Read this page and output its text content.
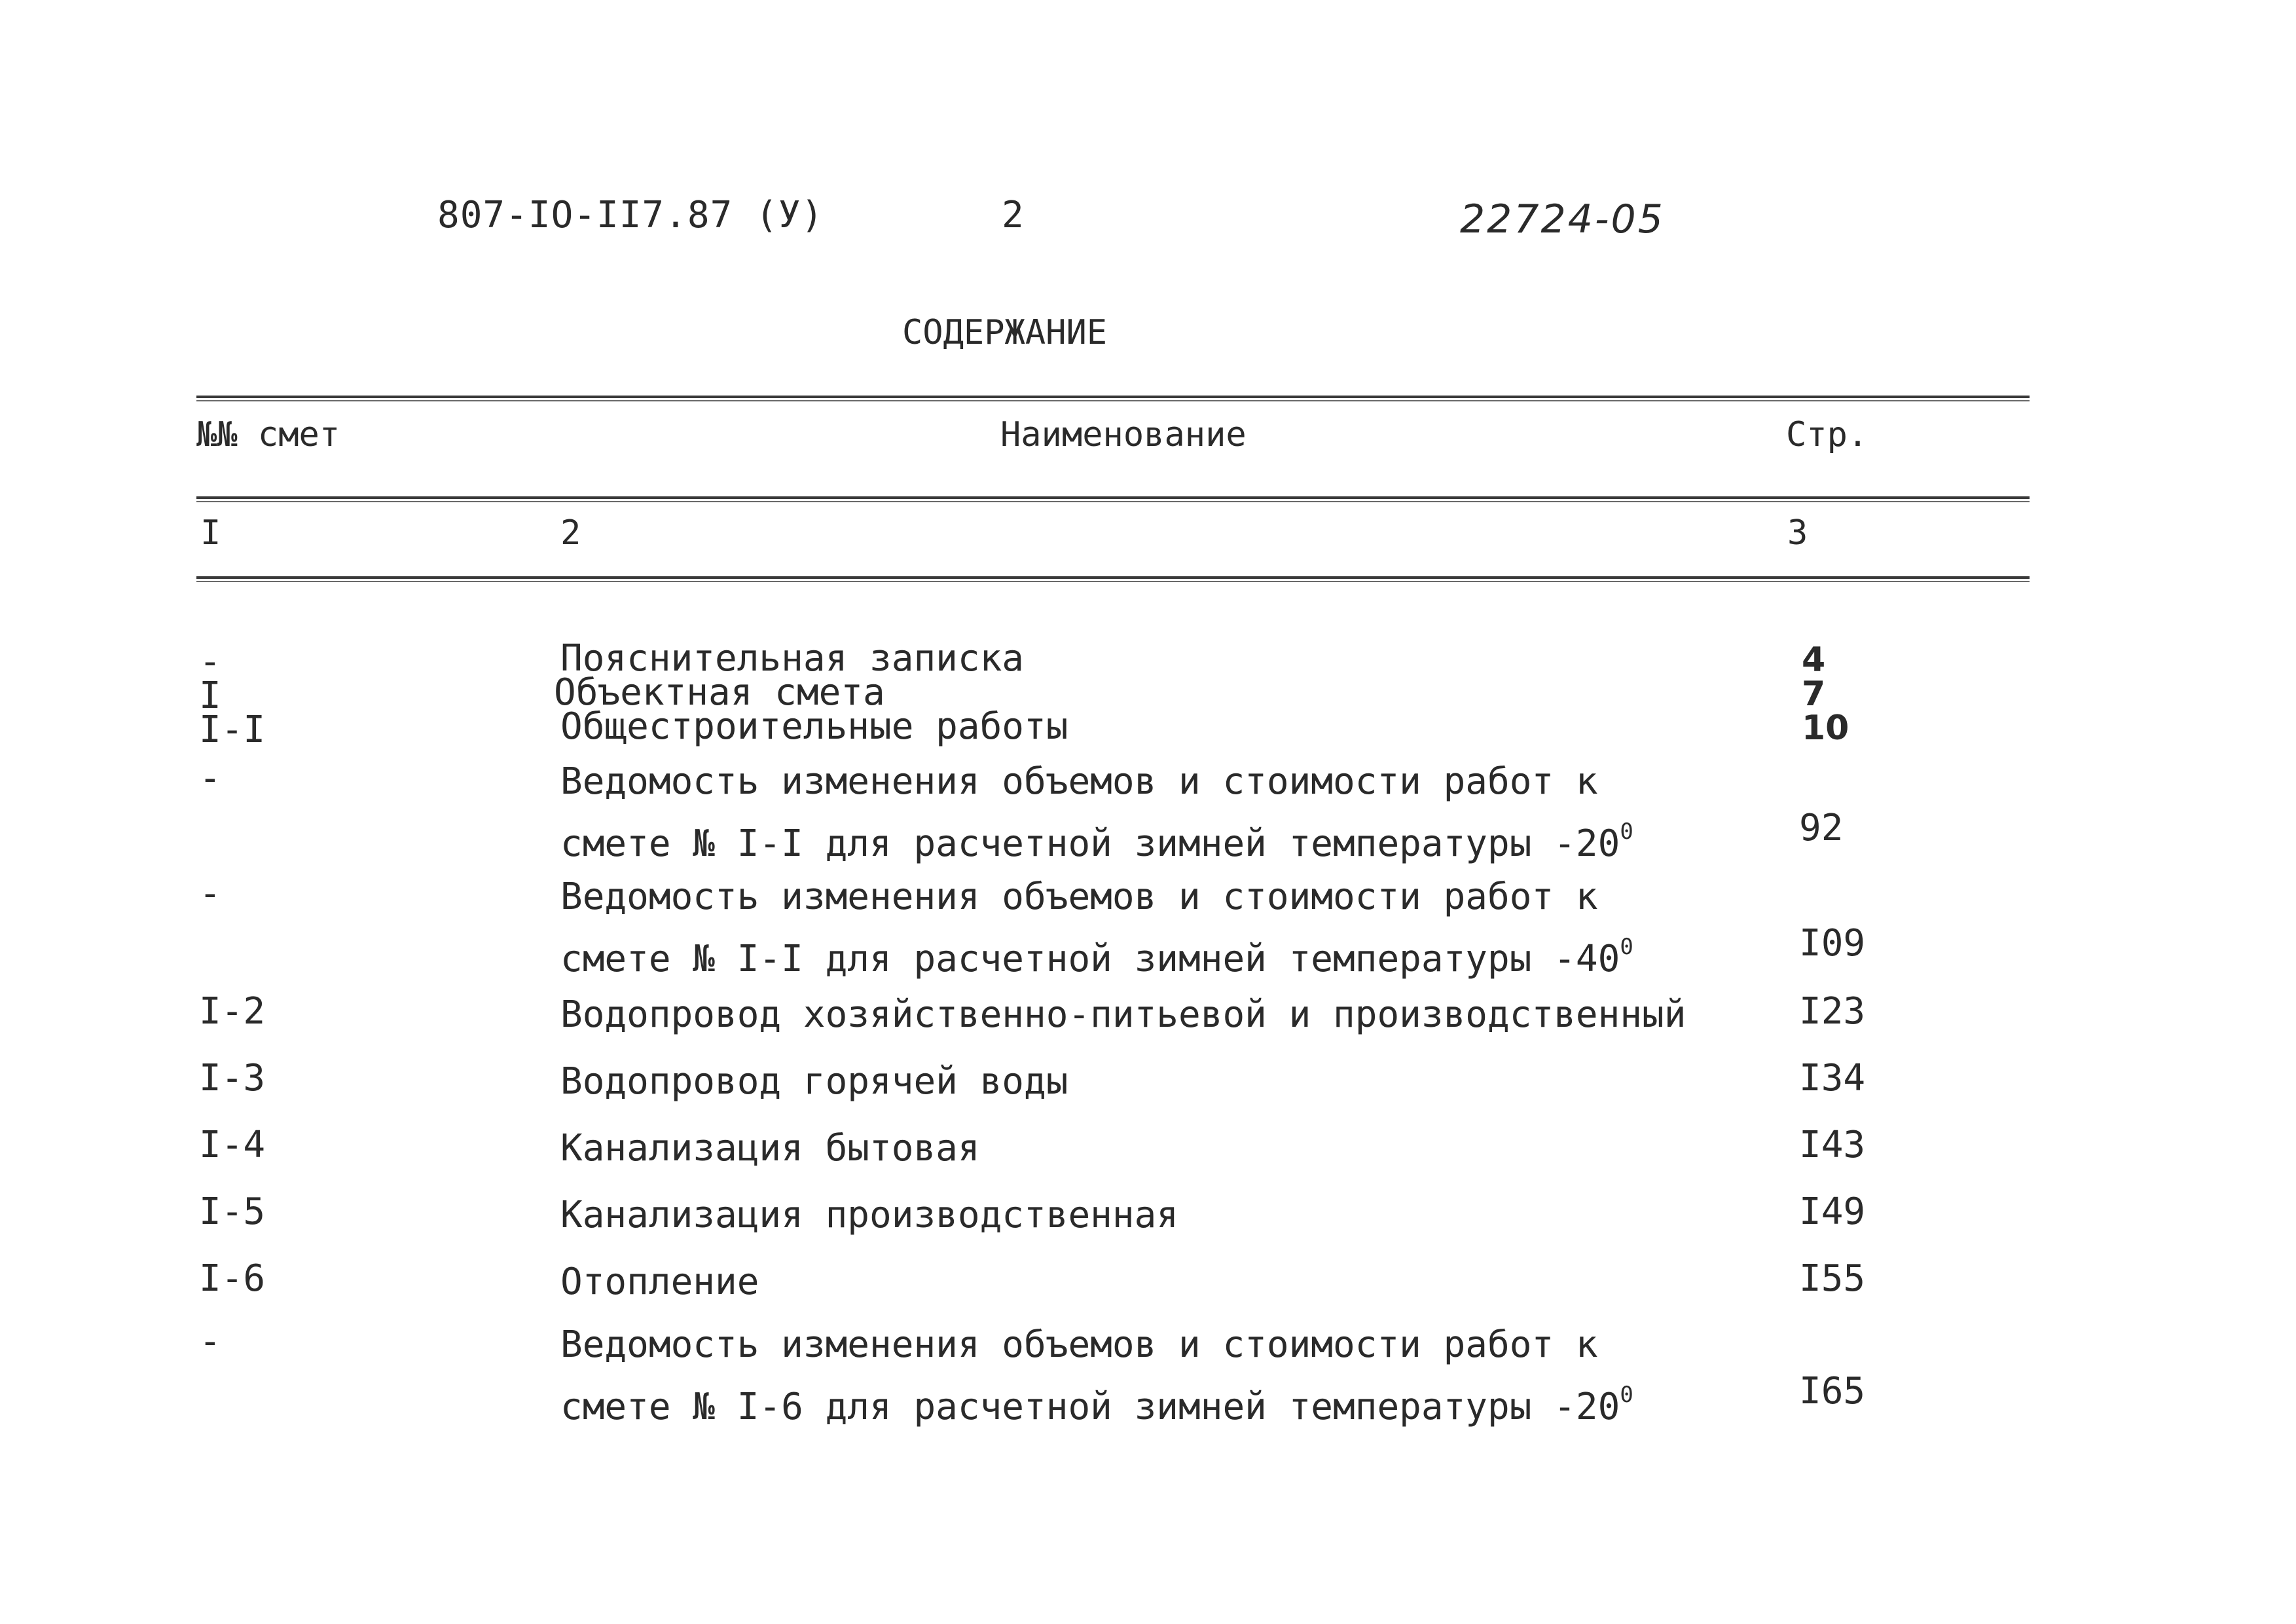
807-IO-II7.87 (У)	2	22724-05
СОДЕРЖАНИЕ
№№ смет	Наименование	Стр.
I	2	3
-	Пояснительная записка	4
I	Объектная смета	7
I-I	Общестроительные работы	10
-	Ведомость изменения объемов и стоимости работ к
смете № I-I для расчетной зимней температуры $-20^0$	92
-	Ведомость изменения объемов и стоимости работ к
смете № I-I для расчетной зимней температуры $-40^0$	I09
I-2	Водопровод хозяйственно-питьевой и производственный	I23
I-3	Водопровод горячей воды	I34
I-4	Канализация бытовая	I43
I-5	Канализация производственная	I49
I-6	Отопление	I55
-	Ведомость изменения объемов и стоимости работ к
смете № I-6 для расчетной зимней температуры $-20^0$	I65
